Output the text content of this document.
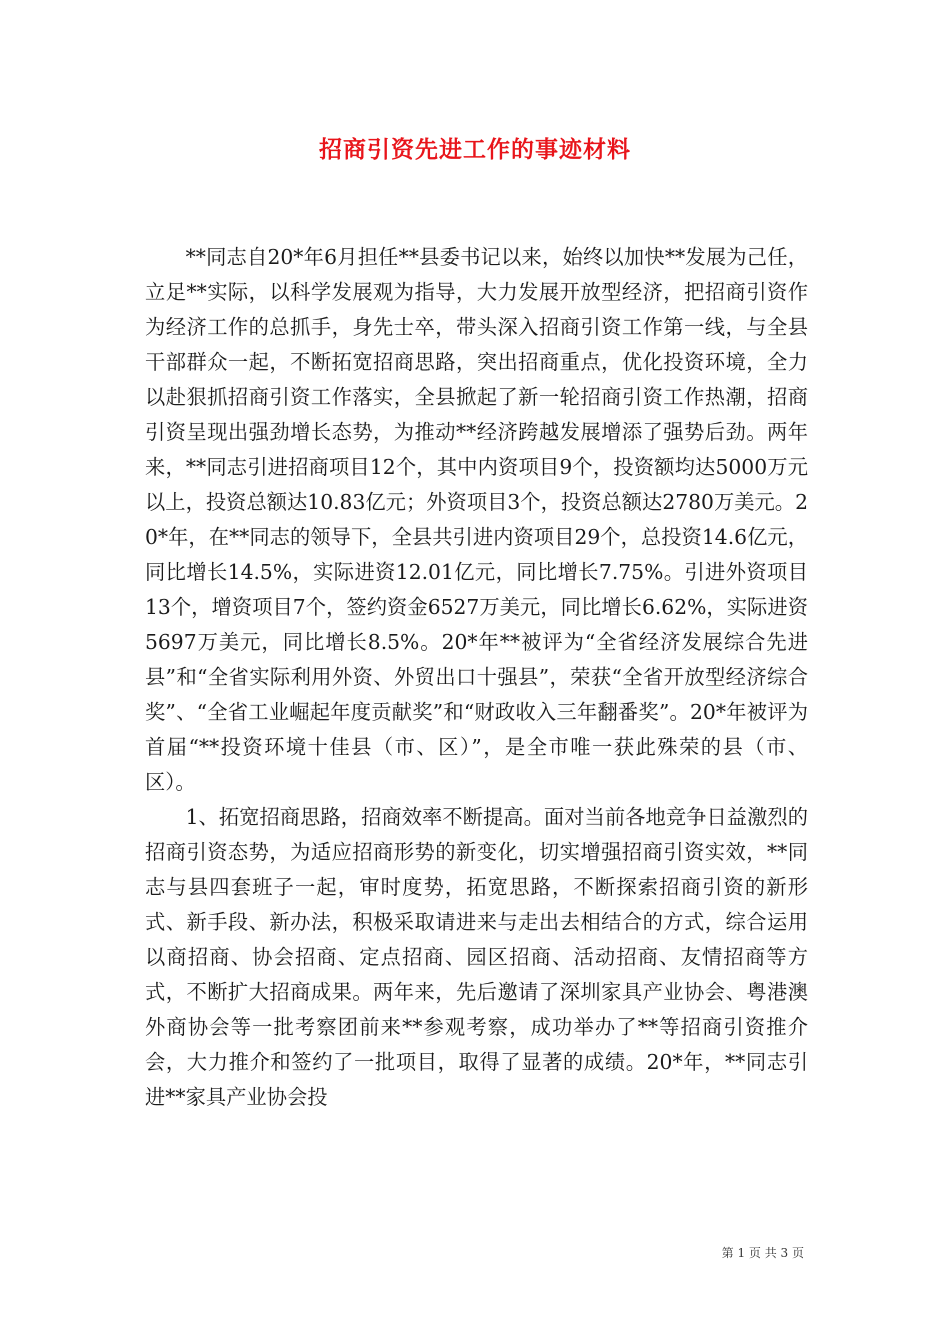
招商引资先进工作的事迹材料

**同志自20*年6月担任**县委书记以来，始终以加快**发展为己任，立足**实际，以科学发展观为指导，大力发展开放型经济，把招商引资作为经济工作的总抓手，身先士卒，带头深入招商引资工作第一线，与全县干部群众一起，不断拓宽招商思路，突出招商重点，优化投资环境，全力以赴狠抓招商引资工作落实，全县掀起了新一轮招商引资工作热潮，招商引资呈现出强劲增长态势，为推动**经济跨越发展增添了强势后劲。两年来，**同志引进招商项目12个，其中内资项目9个，投资额均达5000万元以上，投资总额达10.83亿元；外资项目3个，投资总额达2780万美元。20*年，在**同志的领导下，全县共引进内资项目29个，总投资14.6亿元，同比增长14.5%，实际进资12.01亿元，同比增长7.75%。引进外资项目13个，增资项目7个，签约资金6527万美元，同比增长6.62%，实际进资5697万美元，同比增长8.5%。20*年**被评为“全省经济发展综合先进县”和“全省实际利用外资、外贸出口十强县”，荣获“全省开放型经济综合奖”、“全省工业崛起年度贡献奖”和“财政收入三年翻番奖”。20*年被评为首届“**投资环境十佳县（市、区）”，是全市唯一获此殊荣的县（市、区）。

1、拓宽招商思路，招商效率不断提高。面对当前各地竞争日益激烈的招商引资态势，为适应招商形势的新变化，切实增强招商引资实效，**同志与县四套班子一起，审时度势，拓宽思路，不断探索招商引资的新形式、新手段、新办法，积极采取请进来与走出去相结合的方式，综合运用以商招商、协会招商、定点招商、园区招商、活动招商、友情招商等方式，不断扩大招商成果。两年来，先后邀请了深圳家具产业协会、粤港澳外商协会等一批考察团前来**参观考察，成功举办了**等招商引资推介会，大力推介和签约了一批项目，取得了显著的成绩。20*年，**同志引进**家具产业协会投

第 1 页 共 3 页
